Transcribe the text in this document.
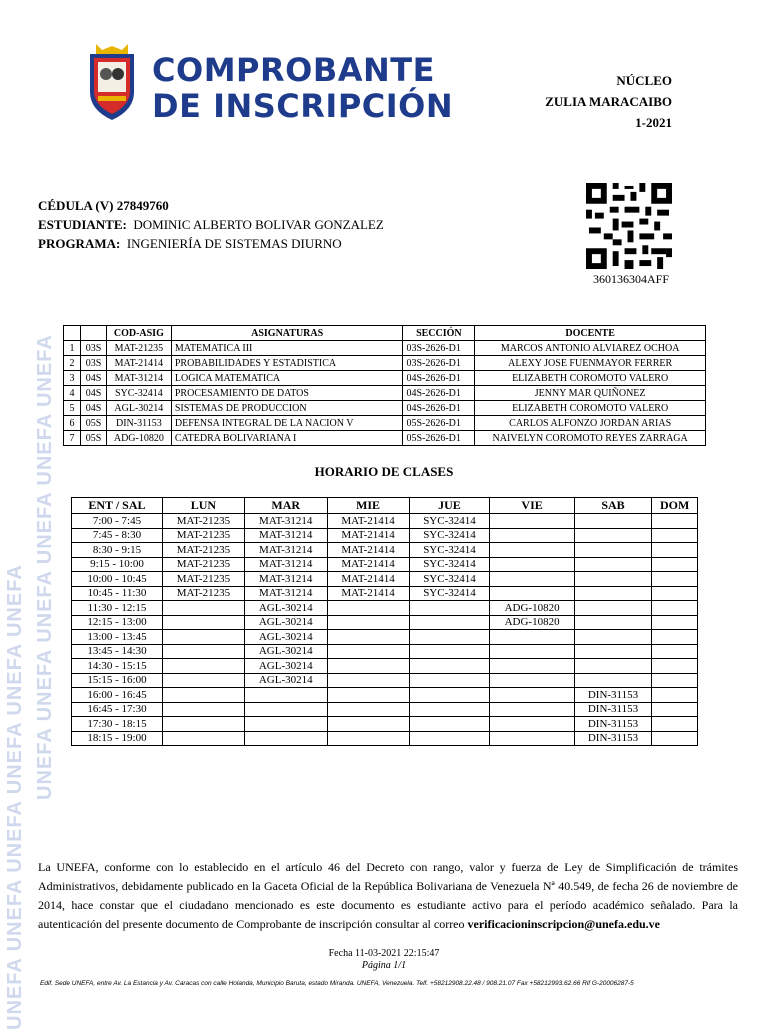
UNEFA UNEFA UNEFA UNEFA UNEFA UNEFA UNEFA UNEFA UNEFA UNEFA UNEFA UNEFA
COMPROBANTE
DE INSCRIPCIÓN
NÚCLEO
ZULIA MARACAIBO
1-2021
CÉDULA (V) 27849760
ESTUDIANTE: DOMINIC ALBERTO BOLIVAR GONZALEZ
PROGRAMA: INGENIERÍA DE SISTEMAS DIURNO
360136304AFF
		COD-ASIG	ASIGNATURAS	SECCIÓN	DOCENTE
1	03S	MAT-21235	MATEMATICA III	03S-2626-D1	MARCOS ANTONIO ALVIAREZ OCHOA
2	03S	MAT-21414	PROBABILIDADES Y ESTADISTICA	03S-2626-D1	ALEXY JOSE FUENMAYOR FERRER
3	04S	MAT-31214	LOGICA MATEMATICA	04S-2626-D1	ELIZABETH COROMOTO VALERO
4	04S	SYC-32414	PROCESAMIENTO DE DATOS	04S-2626-D1	JENNY MAR QUIÑONEZ
5	04S	AGL-30214	SISTEMAS DE PRODUCCION	04S-2626-D1	ELIZABETH COROMOTO VALERO
6	05S	DIN-31153	DEFENSA INTEGRAL DE LA NACION V	05S-2626-D1	CARLOS ALFONZO JORDAN ARIAS
7	05S	ADG-10820	CATEDRA BOLIVARIANA I	05S-2626-D1	NAIVELYN COROMOTO REYES ZARRAGA
HORARIO DE CLASES
ENT / SAL	LUN	MAR	MIE	JUE	VIE	SAB	DOM
7:00 - 7:45	MAT-21235	MAT-31214	MAT-21414	SYC-32414			
7:45 - 8:30	MAT-21235	MAT-31214	MAT-21414	SYC-32414			
8:30 - 9:15	MAT-21235	MAT-31214	MAT-21414	SYC-32414			
9:15 - 10:00	MAT-21235	MAT-31214	MAT-21414	SYC-32414			
10:00 - 10:45	MAT-21235	MAT-31214	MAT-21414	SYC-32414			
10:45 - 11:30	MAT-21235	MAT-31214	MAT-21414	SYC-32414			
11:30 - 12:15		AGL-30214			ADG-10820		
12:15 - 13:00		AGL-30214			ADG-10820		
13:00 - 13:45		AGL-30214					
13:45 - 14:30		AGL-30214					
14:30 - 15:15		AGL-30214					
15:15 - 16:00		AGL-30214					
16:00 - 16:45						DIN-31153	
16:45 - 17:30						DIN-31153	
17:30 - 18:15						DIN-31153	
18:15 - 19:00						DIN-31153	
La UNEFA, conforme con lo establecido en el artículo 46 del Decreto con rango, valor y fuerza de Ley de Simplificación de trámites Administrativos, debidamente publicado en la Gaceta Oficial de la República Bolivariana de Venezuela Nª 40.549, de fecha 26 de noviembre de 2014, hace constar que el ciudadano mencionado es este documento es estudiante activo para el período académico señalado. Para la autenticación del presente documento de Comprobante de inscripción consultar al correo verificacioninscripcion@unefa.edu.ve
Fecha 11-03-2021 22:15:47
Página 1/1
Edif. Sede UNEFA, entre Av. La Estancia y Av. Caracas con calle Holanda, Municipio Baruta, estado Miranda. UNEFA, Venezuela. Telf. +58212908.22.48 / 908.21.07 Fax +58212993.62.66 Rif G-20006287-5
